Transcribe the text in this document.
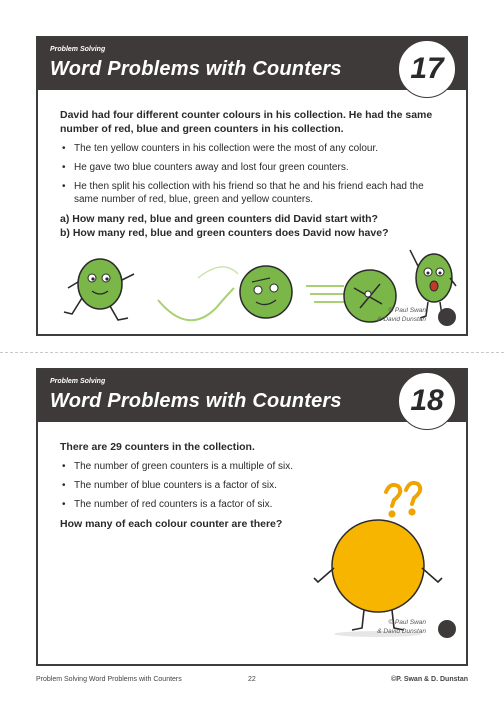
Problem Solving
Word Problems with Counters	17

David had four different counter colours in his collection. He had the same number of red, blue and green counters in his collection.

• The ten yellow counters in his collection were the most of any colour.
• He gave two blue counters away and lost four green counters.
• He then split his collection with his friend so that he and his friend each had the same number of red, blue, green and yellow counters.

a) How many red, blue and green counters did David start with?

b) How many red, blue and green counters does David now have?

© Paul Swan
& David Dunstan
Problem Solving
Word Problems with Counters	18

There are 29 counters in the collection.

• The number of green counters is a multiple of six.
• The number of blue counters is a factor of six.
• The number of red counters is a factor of six.

How many of each colour counter are there?

© Paul Swan
& David Dunstan
Problem Solving Word Problems with Counters	22	©P. Swan & D. Dunstan
